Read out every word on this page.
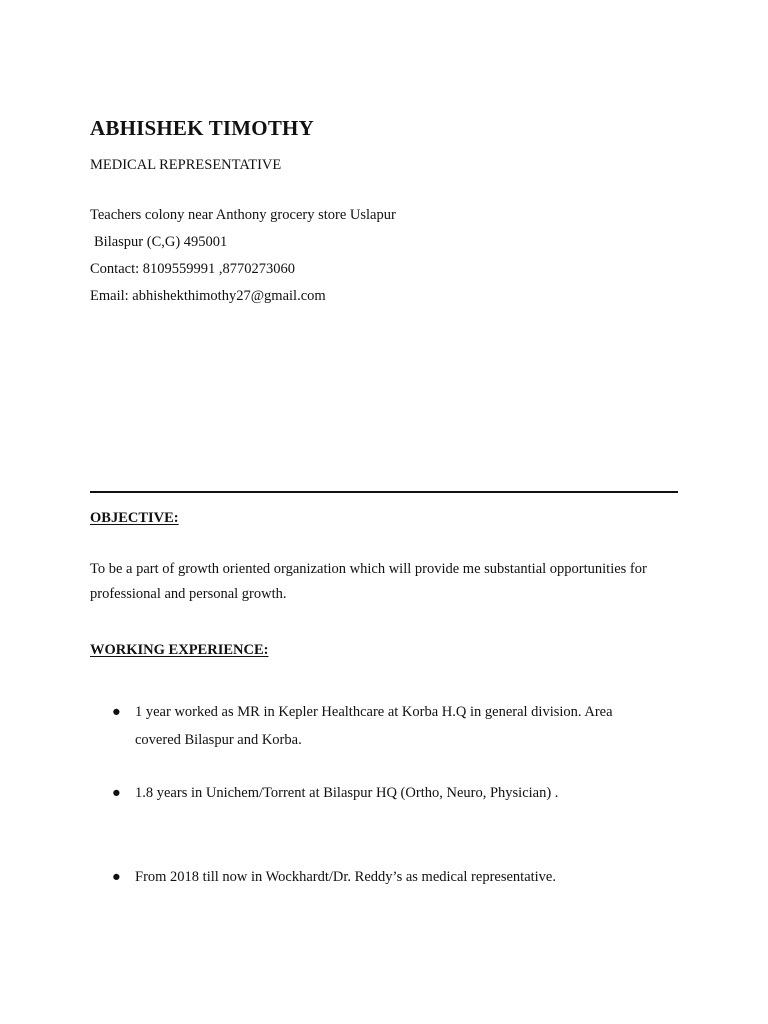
ABHISHEK TIMOTHY
MEDICAL REPRESENTATIVE
Teachers colony near Anthony grocery store Uslapur
Bilaspur (C,G) 495001
Contact: 8109559991 ,8770273060
Email: abhishekthimothy27@gmail.com
OBJECTIVE:
To be a part of growth oriented organization which will provide me substantial opportunities for professional and personal growth.
WORKING EXPERIENCE:
● 1 year worked as MR in Kepler Healthcare at Korba H.Q in general division. Area covered Bilaspur and Korba.
● 1.8 years in Unichem/Torrent at Bilaspur HQ (Ortho, Neuro, Physician) .
● From 2018 till now in Wockhardt/Dr. Reddy’s as medical representative.
